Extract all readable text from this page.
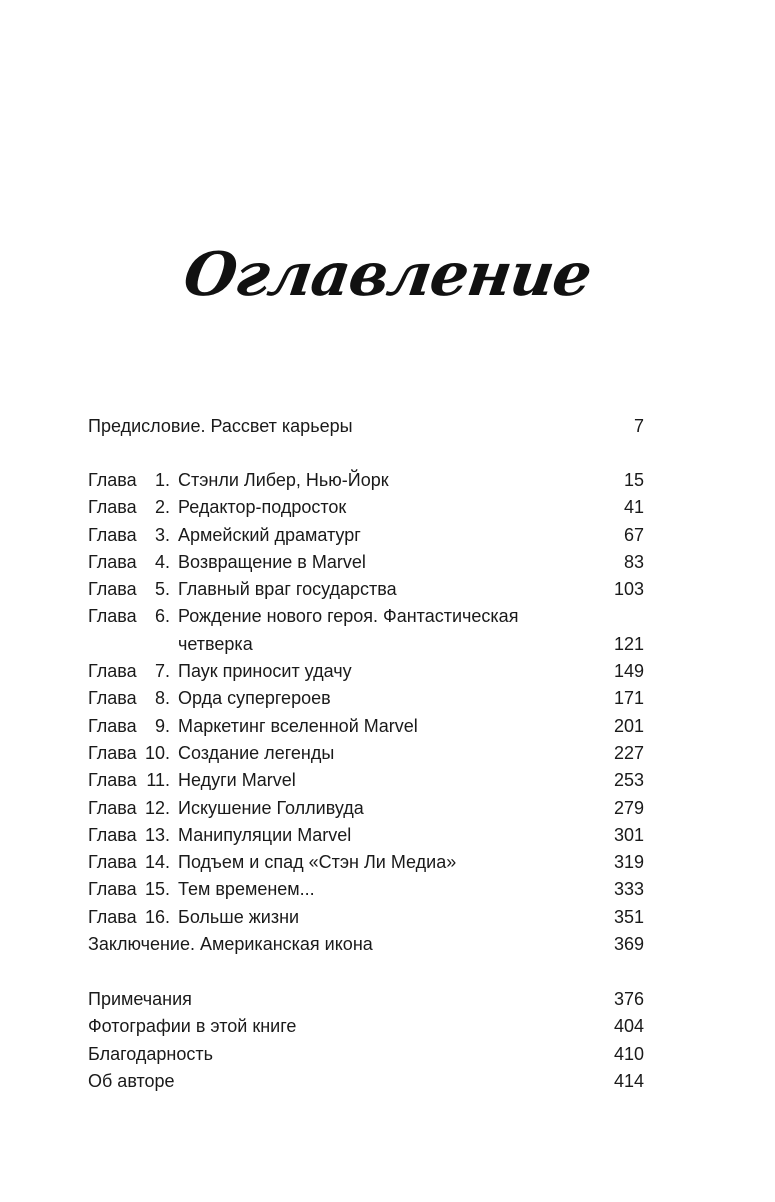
Оглавление
Предисловие. Рассвет карьеры	7
Глава	1. Стэнли Либер, Нью-Йорк	15
Глава	2. Редактор-подросток	41
Глава	3. Армейский драматург	67
Глава	4. Возвращение в Marvel	83
Глава	5. Главный враг государства	103
Глава	6. Рождение нового героя. Фантастическая
четверка	121
Глава	7. Паук приносит удачу	149
Глава	8. Орда супергероев	171
Глава	9. Маркетинг вселенной Marvel	201
Глава 10. Создание легенды	227
Глава 11. Недуги Marvel	253
Глава 12. Искушение Голливуда	279
Глава 13. Манипуляции Marvel	301
Глава 14. Подъем и спад «Стэн Ли Медиа»	319
Глава 15. Тем временем...	333
Глава 16. Больше жизни	351
Заключение. Американская икона	369
Примечания	376
Фотографии в этой книге	404
Благодарность	410
Об авторе	414
